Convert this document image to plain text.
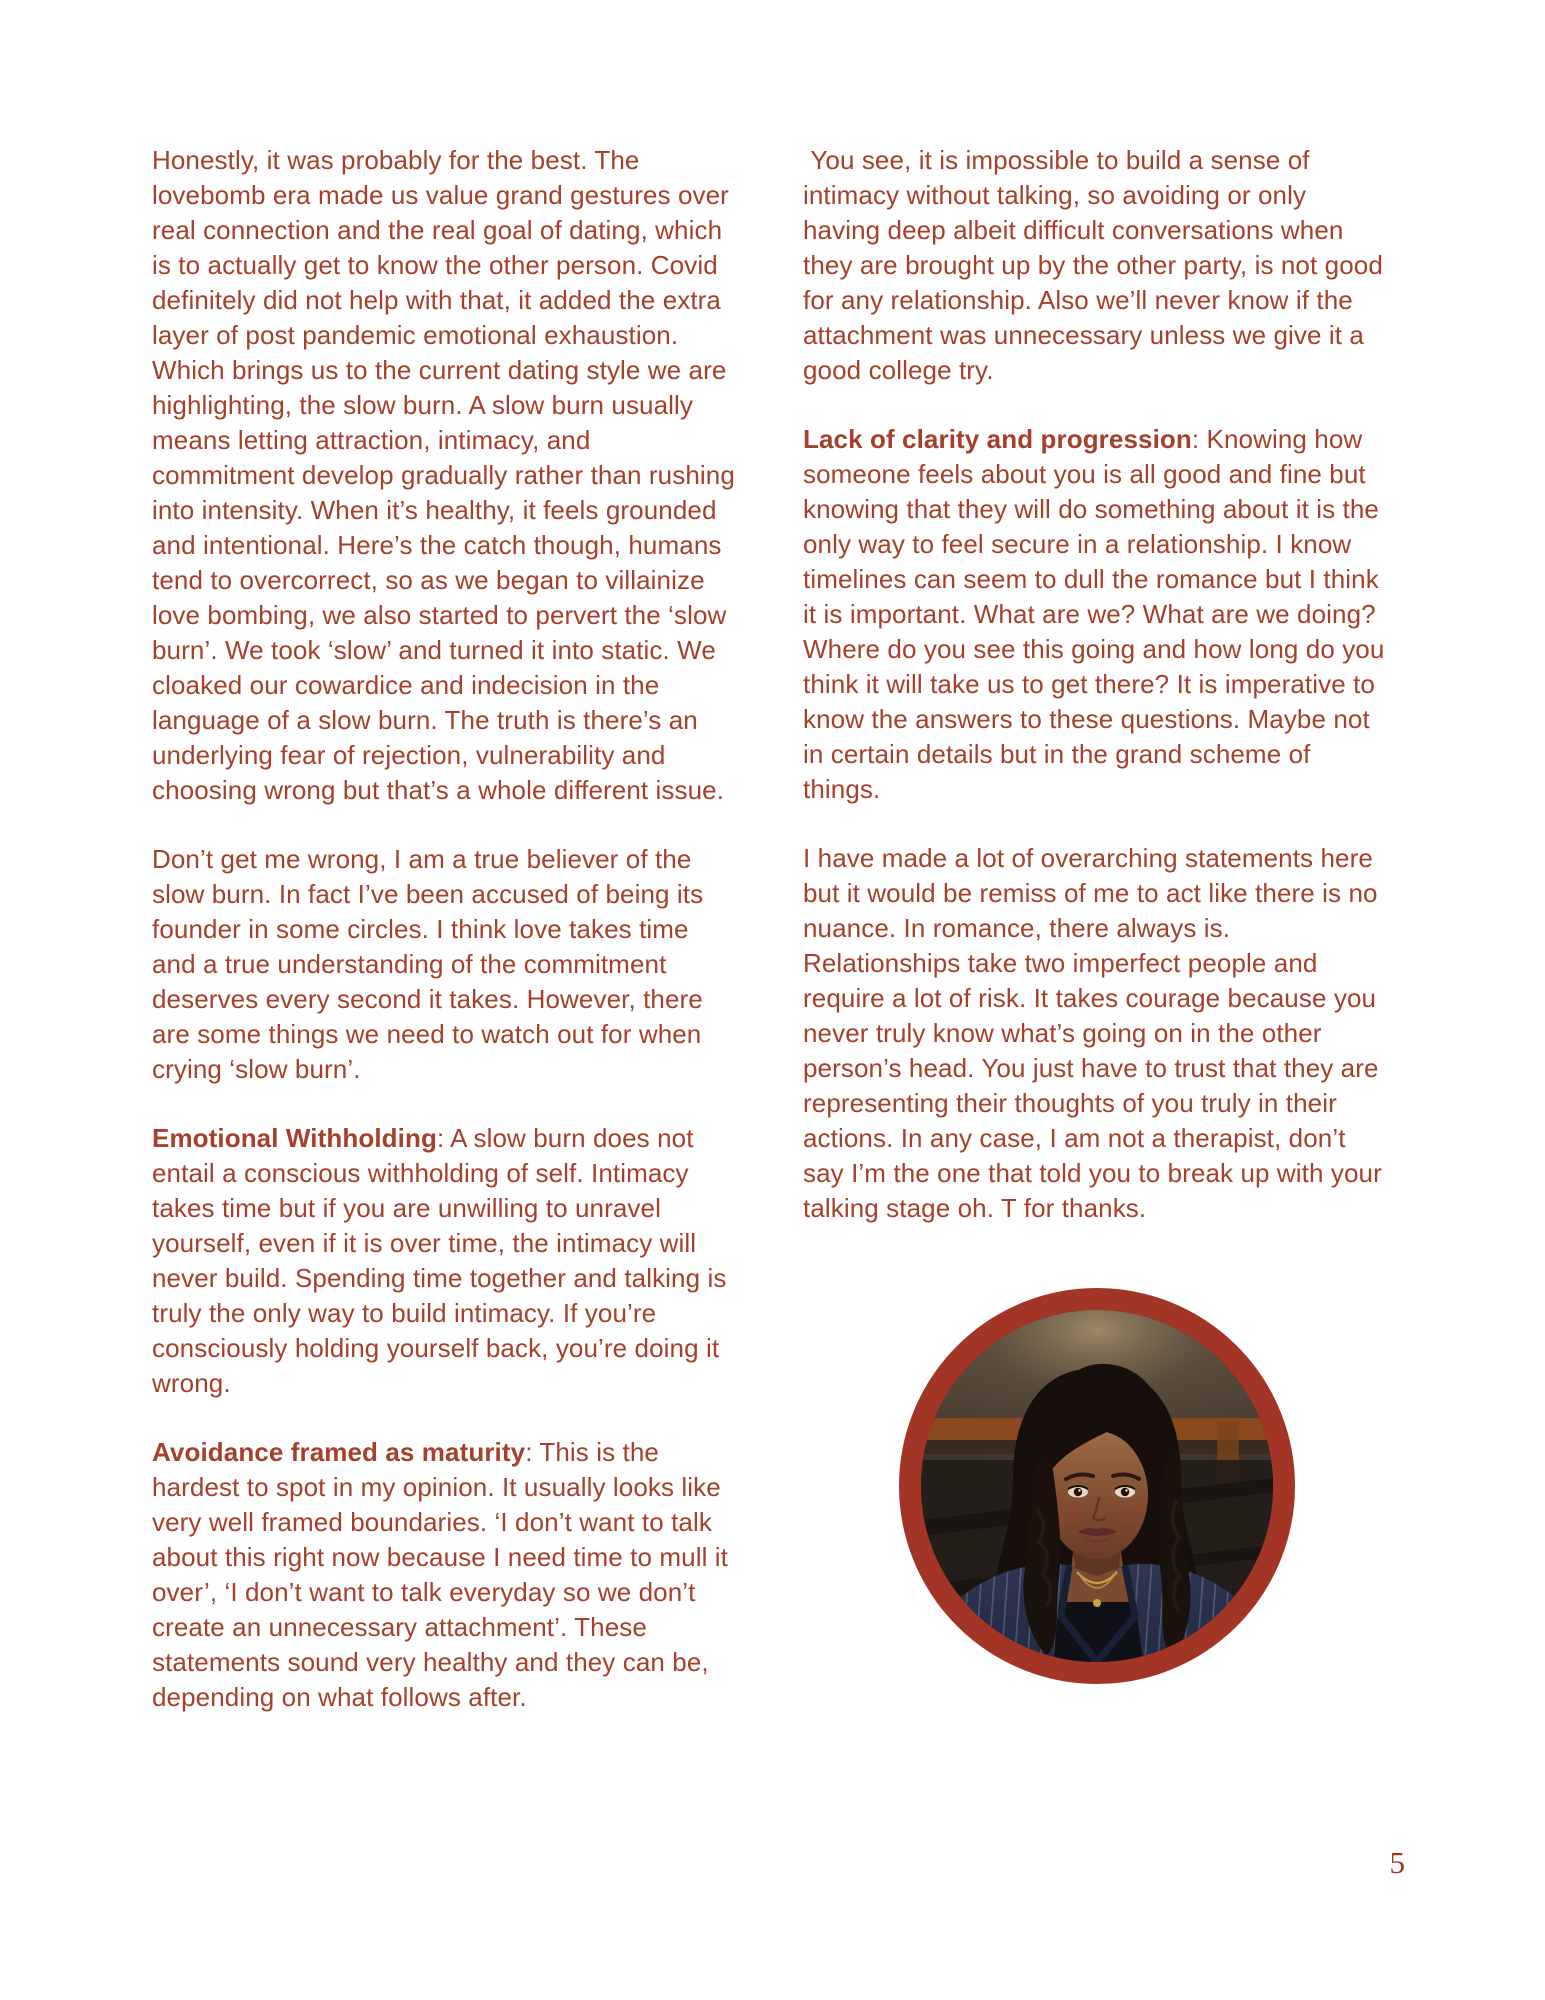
Honestly, it was probably for the best. The lovebomb era made us value grand gestures over real connection and the real goal of dating, which is to actually get to know the other person. Covid definitely did not help with that, it added the extra layer of post pandemic emotional exhaustion. Which brings us to the current dating style we are highlighting, the slow burn. A slow burn usually means letting attraction, intimacy, and commitment develop gradually rather than rushing into intensity. When it’s healthy, it feels grounded and intentional. Here’s the catch though, humans tend to overcorrect, so as we began to villainize love bombing, we also started to pervert the ‘slow burn’. We took ‘slow’ and turned it into static. We cloaked our cowardice and indecision in the language of a slow burn. The truth is there’s an underlying fear of rejection, vulnerability and choosing wrong but that’s a whole different issue.

Don’t get me wrong, I am a true believer of the slow burn. In fact I’ve been accused of being its founder in some circles. I think love takes time and a true understanding of the commitment deserves every second it takes. However, there are some things we need to watch out for when crying ‘slow burn’.

Emotional Withholding: A slow burn does not entail a conscious withholding of self. Intimacy takes time but if you are unwilling to unravel yourself, even if it is over time, the intimacy will never build. Spending time together and talking is truly the only way to build intimacy. If you’re consciously holding yourself back, you’re doing it wrong.

Avoidance framed as maturity: This is the hardest to spot in my opinion. It usually looks like very well framed boundaries. ‘I don’t want to talk about this right now because I need time to mull it over’, ‘I don’t want to talk everyday so we don’t create an unnecessary attachment’. These statements sound very healthy and they can be, depending on what follows after.

You see, it is impossible to build a sense of intimacy without talking, so avoiding or only having deep albeit difficult conversations when they are brought up by the other party, is not good for any relationship. Also we’ll never know if the attachment was unnecessary unless we give it a good college try.

Lack of clarity and progression: Knowing how someone feels about you is all good and fine but knowing that they will do something about it is the only way to feel secure in a relationship. I know timelines can seem to dull the romance but I think it is important. What are we? What are we doing? Where do you see this going and how long do you think it will take us to get there? It is imperative to know the answers to these questions. Maybe not in certain details but in the grand scheme of things.

I have made a lot of overarching statements here but it would be remiss of me to act like there is no nuance. In romance, there always is. Relationships take two imperfect people and require a lot of risk. It takes courage because you never truly know what’s going on in the other person’s head. You just have to trust that they are representing their thoughts of you truly in their actions. In any case, I am not a therapist, don’t say I’m the one that told you to break up with your talking stage oh. T for thanks.

5
